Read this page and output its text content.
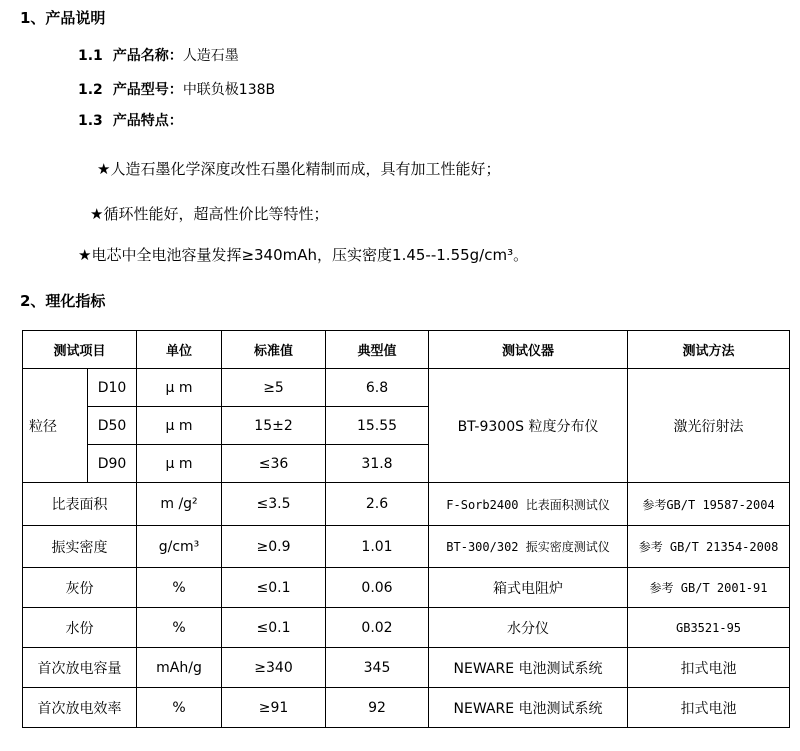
1、产品说明
1.1 产品名称：人造石墨
1.2 产品型号：中联负极138B
1.3 产品特点：
★人造石墨化学深度改性石墨化精制而成，具有加工性能好；
★循环性能好，超高性价比等特性；
★电芯中全电池容量发挥≥340mAh，压实密度1.45--1.55g/cm³。
2、理化指标
测试项目		单位	标准值	典型值	测试仪器	测试方法
粒径	D10	μ m	≥5	6.8	BT-9300S 粒度分布仪	激光衍射法
	D50	μ m	15±2	15.55		
	D90	μ m	≤36	31.8		
比表面积		m /g²	≤3.5	2.6	F-Sorb2400 比表面积测试仪	参考GB/T 19587-2004
振实密度		g/cm³	≥0.9	1.01	BT-300/302 振实密度测试仪	参考 GB/T 21354-2008
灰份		%	≤0.1	0.06	箱式电阻炉	参考 GB/T 2001-91
水份		%	≤0.1	0.02	水分仪	GB3521-95
首次放电容量		mAh/g	≥340	345	NEWARE 电池测试系统	扣式电池
首次放电效率		%	≥91	92	NEWARE 电池测试系统	扣式电池
